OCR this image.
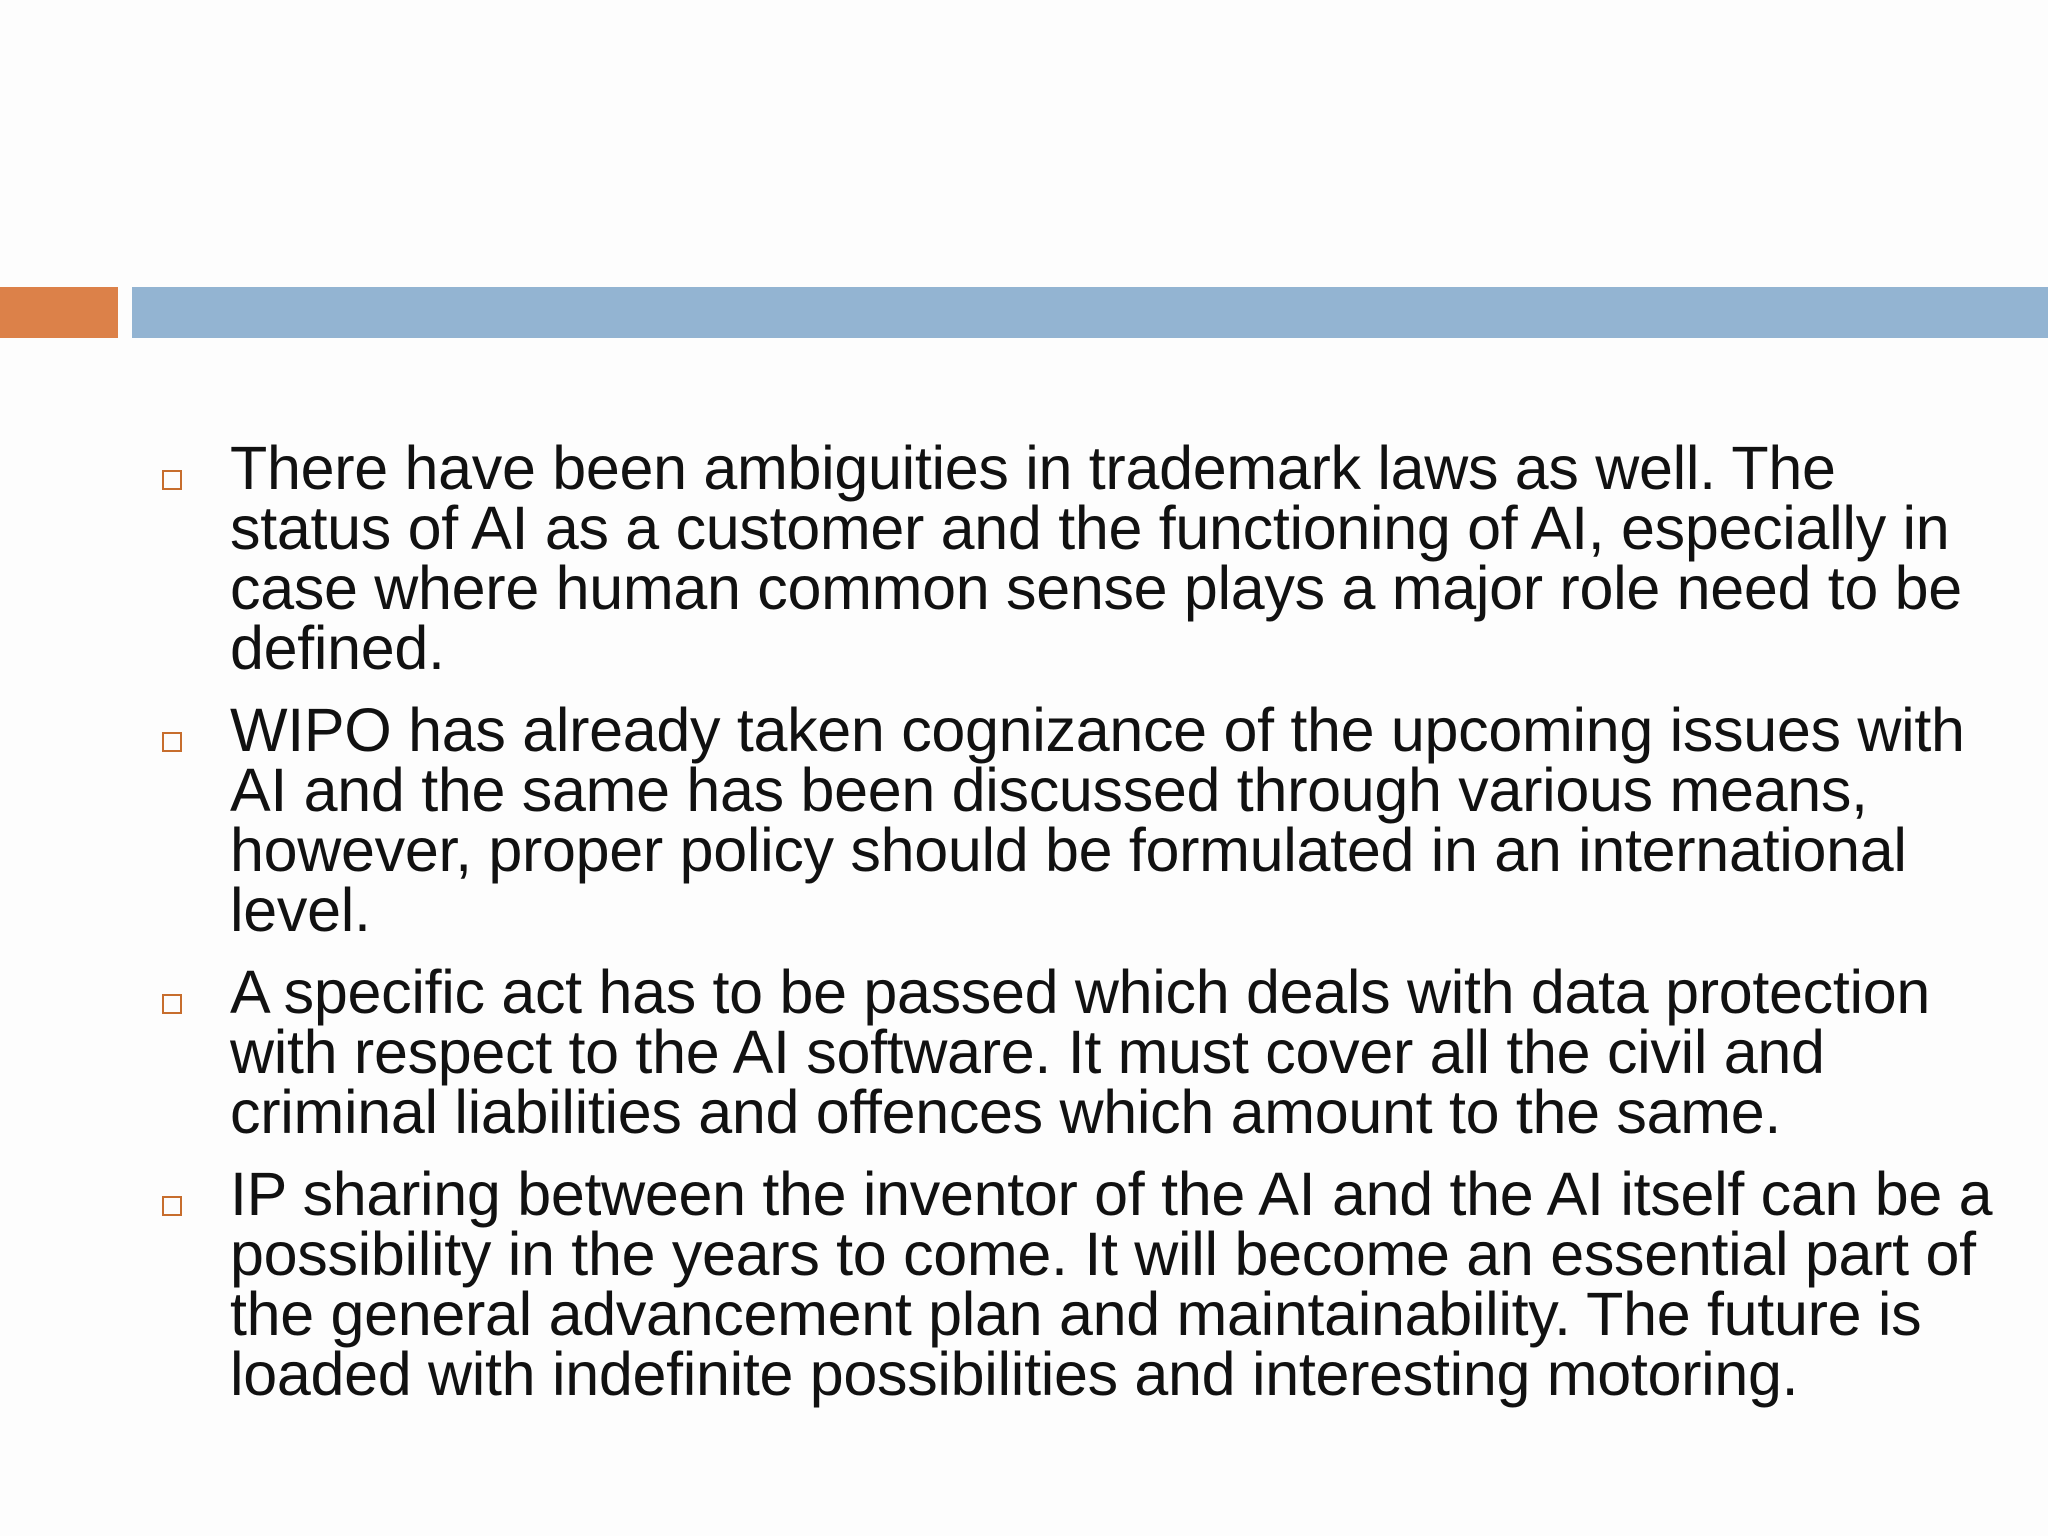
There have been ambiguities in trademark laws as well. The status of AI as a customer and the functioning of AI, especially in case where human common sense plays a major role need to be defined.
WIPO has already taken cognizance of the upcoming issues with AI and the same has been discussed through various means, however, proper policy should be formulated in an international level.
A specific act has to be passed which deals with data protection with respect to the AI software. It must cover all the civil and criminal liabilities and offences which amount to the same.
IP sharing between the inventor of the AI and the AI itself can be a possibility in the years to come. It will become an essential part of the general advancement plan and maintainability. The future is loaded with indefinite possibilities and interesting motoring.
